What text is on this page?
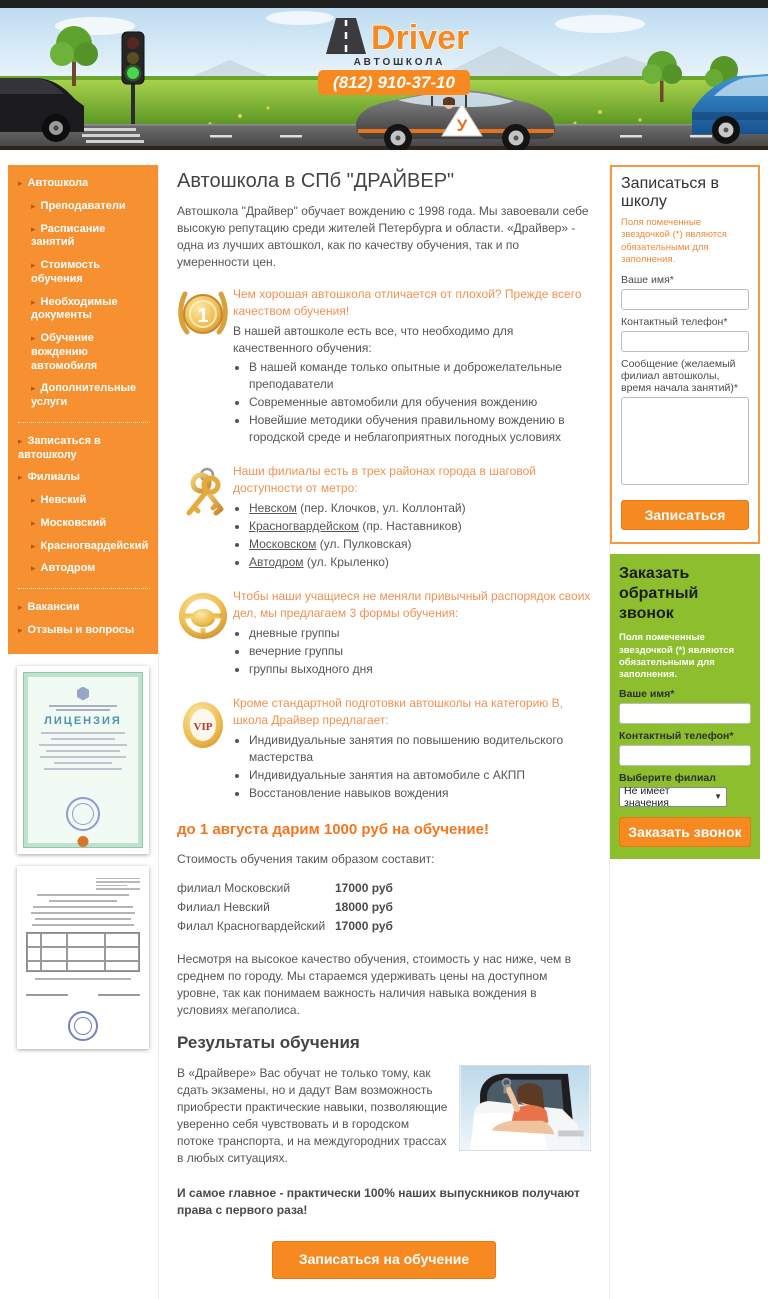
У
Driver
А В Т О Ш К О Л А
(812) 910-37-10
▸ Автошкола
▸ Преподаватели
▸ Расписание занятий
▸ Стоимость обучения
▸ Необходимые документы
▸ Обучение вождению автомобиля
▸ Дополнительные услуги
▸ Записаться в автошколу
▸ Филиалы
▸ Невский
▸ Московский
▸ Красногвардейский
▸ Автодром
▸ Вакансии
▸ Отзывы и вопросы
ЛИЦЕНЗИЯ
Автошкола в СПб "ДРАЙВЕР"

Автошкола "Драйвер" обучает вождению с 1998 года. Мы завоевали себе высокую репутацию среди жителей Петербурга и области. «Драйвер» - одна из лучших автошкол, как по качеству обучения, так и по умеренности цен.

1
Чем хорошая автошкола отличается от плохой? Прежде всего качеством обучения!
В нашей автошколе есть все, что необходимо для качественного обучения:
• В нашей команде только опытные и доброжелательные преподаватели
• Современные автомобили для обучения вождению
• Новейшие методики обучения правильному вождению в городской среде и неблагоприятных погодных условиях
Наши филиалы есть в трех районах города в шаговой доступности от метро:
• Невском (пер. Клочков, ул. Коллонтай)
• Красногвардейском (пр. Наставников)
• Московском (ул. Пулковская)
• Автодром (ул. Крыленко)
Чтобы наши учащиеся не меняли привычный распорядок своих дел, мы предлагаем 3 формы обучения:
• дневные группы
• вечерние группы
• группы выходного дня
VIP
Кроме стандартной подготовки автошколы на категорию В, школа Драйвер предлагает:
• Индивидуальные занятия по повышению водительского мастерства
• Индивидуальные занятия на автомобиле с АКПП
• Восстановление навыков вождения
до 1 августа дарим 1000 руб на обучение!

Стоимость обучения таким образом составит:

филиал Московский	17000 руб
Филиал Невский	18000 руб
Филал Красногвардейский 17000 руб

Несмотря на высокое качество обучения, стоимость у нас ниже, чем в среднем по городу. Мы стараемся удерживать цены на доступном уровне, так как понимаем важность наличия навыка вождения в условиях мегаполиса.

Результаты обучения

В «Драйвере» Вас обучат не только тому, как сдать экзамены, но и дадут Вам возможность приобрести практические навыки, позволяющие уверенно себя чувствовать и в городском потоке транспорта, и на междугородних трассах в любых ситуациях.

И самое главное - практически 100% наших выпускников получают права с первого раза!

Записаться на обучение
Записаться в школу
Поля помеченные звездочкой (*) являются обязательными для заполнения.
Ваше имя*
Контактный телефон*
Сообщение (желаемый филиал автошколы, время начала занятий)*
Записаться
Заказать обратный звонок
Поля помеченные звездочкой (*) являются обязательными для заполнения.
Ваше имя*
Контактный телефон*
Выберите филиал
Не имеет значения	▼
Заказать звонок
